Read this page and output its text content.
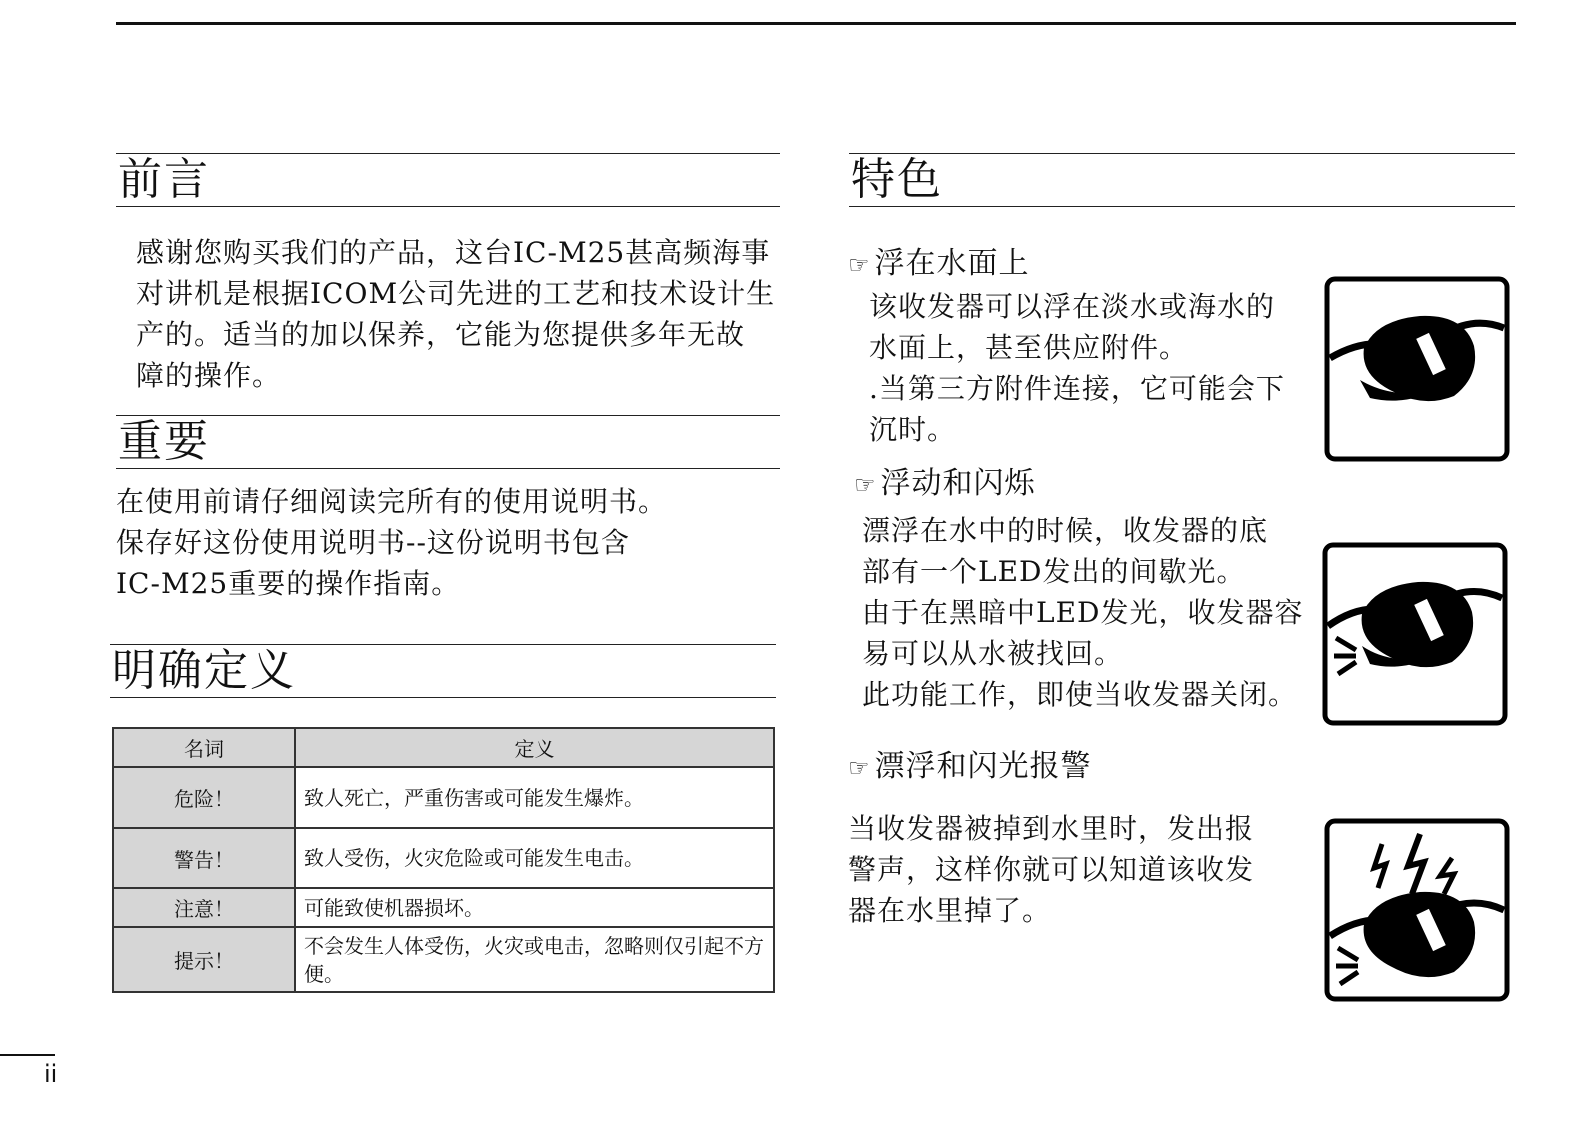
前言
感谢您购买我们的产品，这台IC-M25甚高频海事
对讲机是根据ICOM公司先进的工艺和技术设计生
产的。适当的加以保养，它能为您提供多年无故
障的操作。
重要
在使用前请仔细阅读完所有的使用说明书。
保存好这份使用说明书--这份说明书包含
IC-M25重要的操作指南。
明确定义
名词	定义
危险！	致人死亡，严重伤害或可能发生爆炸。
警告！	致人受伤，火灾危险或可能发生电击。
注意！	可能致使机器损坏。
提示！	不会发生人体受伤，火灾或电击，忽略则仅引起不方便。
特色
☞ 浮在水面上
该收发器可以浮在淡水或海水的
水面上，甚至供应附件。
.当第三方附件连接，它可能会下
沉时。
☞ 浮动和闪烁
漂浮在水中的时候，收发器的底
部有一个LED发出的间歇光。
由于在黑暗中LED发光，收发器容
易可以从水被找回。
此功能工作，即使当收发器关闭。
☞ 漂浮和闪光报警
当收发器被掉到水里时，发出报
警声，这样你就可以知道该收发
器在水里掉了。
ii
